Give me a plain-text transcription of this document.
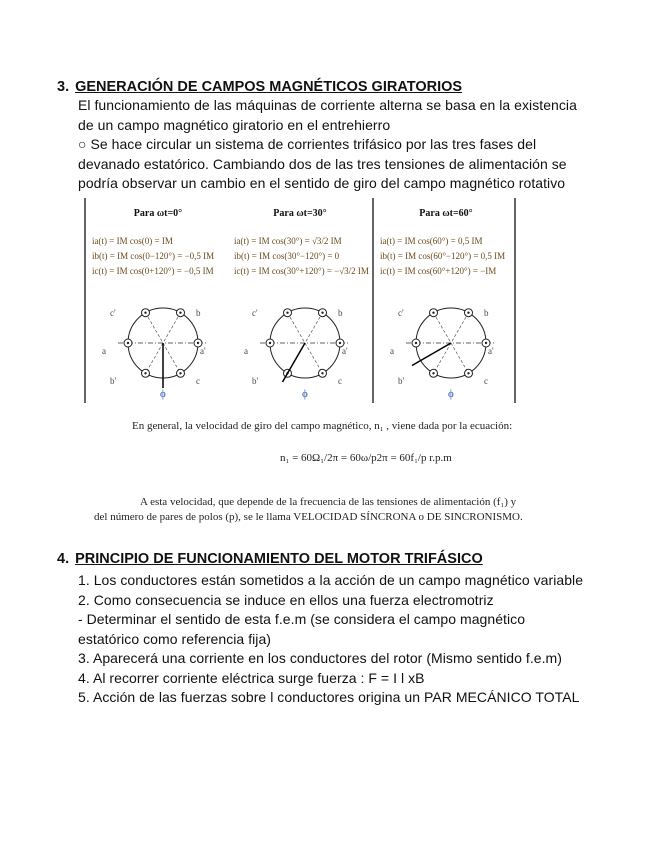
3. GENERACIÓN DE CAMPOS MAGNÉTICOS GIRATORIOS
Para ωt=0°
ia(t) = IM cos(0) = IM
ib(t) = IM cos(0−120°) = −0,5 IM
ic(t) = IM cos(0+120°) = −0,5 IM
a	a'
b
b'	c
c'
ϕ
Para ωt=30°
ia(t) = IM cos(30°) = √3/2 IM
ib(t) = IM cos(30°−120°) = 0
ic(t) = IM cos(30°+120°) = −√3/2 IM
a	a'
b
b'	c
c'
ϕ
Para ωt=60°
ia(t) = IM cos(60°) = 0,5 IM
ib(t) = IM cos(60°−120°) = 0,5 IM
ic(t) = IM cos(60°+120°) = −IM
a	a'
b
b'	c
c'
ϕ
En general, la velocidad de giro del campo magnético, n₁ , viene dada por la ecuación:
n₁ = 60Ω₁/2π = 60ω/p2π = 60f₁/p r.p.m
A esta velocidad, que depende de la frecuencia de las tensiones de alimentación (f₁) y
del número de pares de polos (p), se le llama VELOCIDAD SÍNCRONA o DE SINCRONISMO.
4. PRINCIPIO DE FUNCIONAMIENTO DEL MOTOR TRIFÁSICO
El funcionamiento de las máquinas de corriente alterna se basa en la existencia
de un campo magnético giratorio en el entrehierro
○ Se hace circular un sistema de corrientes trifásico por las tres fases del
devanado estatórico. Cambiando dos de las tres tensiones de alimentación se
podría observar un cambio en el sentido de giro del campo magnético rotativo
1. Los conductores están sometidos a la acción de un campo magnético variable
2. Como consecuencia se induce en ellos una fuerza electromotriz
- Determinar el sentido de esta f.e.m (se considera el campo magnético
estatórico como referencia fija)
3. Aparecerá una corriente en los conductores del rotor (Mismo sentido f.e.m)
4. Al recorrer corriente eléctrica surge fuerza : F = I l xB
5. Acción de las fuerzas sobre l conductores origina un PAR MECÁNICO TOTAL
